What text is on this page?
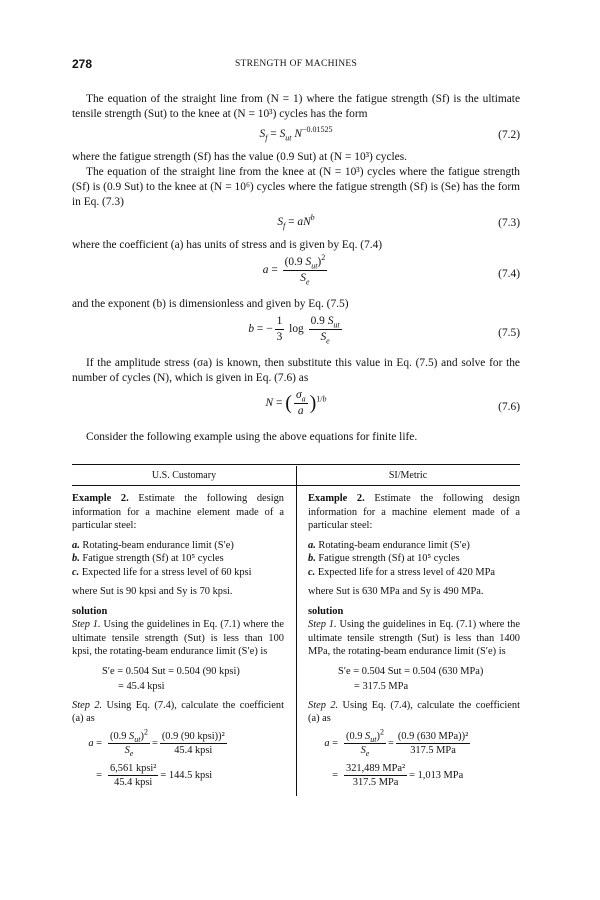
278	STRENGTH OF MACHINES

The equation of the straight line from (N = 1) where the fatigue strength (Sf) is the ultimate tensile strength (Sut) to the knee at (N = 10³) cycles has the form

$S_f = S_{ut}$ $N^{-0.01525}$	(7.2)

where the fatigue strength (Sf) has the value (0.9 Sut) at (N = 10³) cycles.

The equation of the straight line from the knee at (N = 10³) cycles where the fatigue strength (Sf) is (0.9 Sut) to the knee at (N = 10⁶) cycles where the fatigue strength (Sf) is (Se) has the form in Eq. (7.3)

$S_f = aN^b$	(7.3)

where the coefficient (a) has units of stress and is given by Eq. (7.4)

$a = \frac{(0.9 S_{ut})^2}{S_e}$	(7.4)

and the exponent (b) is dimensionless and given by Eq. (7.5)

b = − $\frac{1}{3}$ $\log \frac{0.9 S_{ut}}{S_e}$	(7.5)

If the amplitude stress (σa) is known, then substitute this value in Eq. (7.5) and solve for the number of cycles (N), which is given in Eq. (7.6) as

N = ( $\frac{\sigma_a}{a} )^{1/b}$
(7.6)

Consider the following example using the above equations for finite life.

U.S. Customary	SI/Metric

Example 2. Estimate the following design information for a machine element made of a particular steel:

a. Rotating-beam endurance limit (S′e)

b. Fatigue strength (Sf) at 10⁵ cycles

c. Expected life for a stress level of 60 kpsi

where Sut is 90 kpsi and Sy is 70 kpsi.

solution

Step 1. Using the guidelines in Eq. (7.1) where the ultimate tensile strength (Sut) is less than 100 kpsi, the rotating-beam endurance limit (S′e) is

S′e = 0.504 Sut = 0.504 (90 kpsi)
= 45.4 kpsi

Step 2. Using Eq. (7.4), calculate the coefficient (a) as

$a = \frac{(0.9 S_{ut})^2}{S_e} = \frac{\text{(0.9 (90 kpsi))²}}{\text{45.4 kpsi}}$
= $\frac{\text{6,561 kpsi²}}{\text{45.4 kpsi}} = 144.5$ kpsi

Example 2. Estimate the following design information for a machine element made of a particular steel:

a. Rotating-beam endurance limit (S′e)

b. Fatigue strength (Sf) at 10⁵ cycles

c. Expected life for a stress level of 420 MPa

where Sut is 630 MPa and Sy is 490 MPa.

solution

Step 1. Using the guidelines in Eq. (7.1) where the ultimate tensile strength (Sut) is less than 1400 MPa, the rotating-beam endurance limit (S′e) is

S′e = 0.504 Sut = 0.504 (630 MPa)
= 317.5 MPa

Step 2. Using Eq. (7.4), calculate the coefficient (a) as

$a = \frac{(0.9 S_{ut})^2}{S_e} = \frac{\text{(0.9 (630 MPa))²}}{\text{317.5 MPa}}$
= $\frac{\text{321,489 MPa²}}{\text{317.5 MPa}} = 1,013$ MPa
